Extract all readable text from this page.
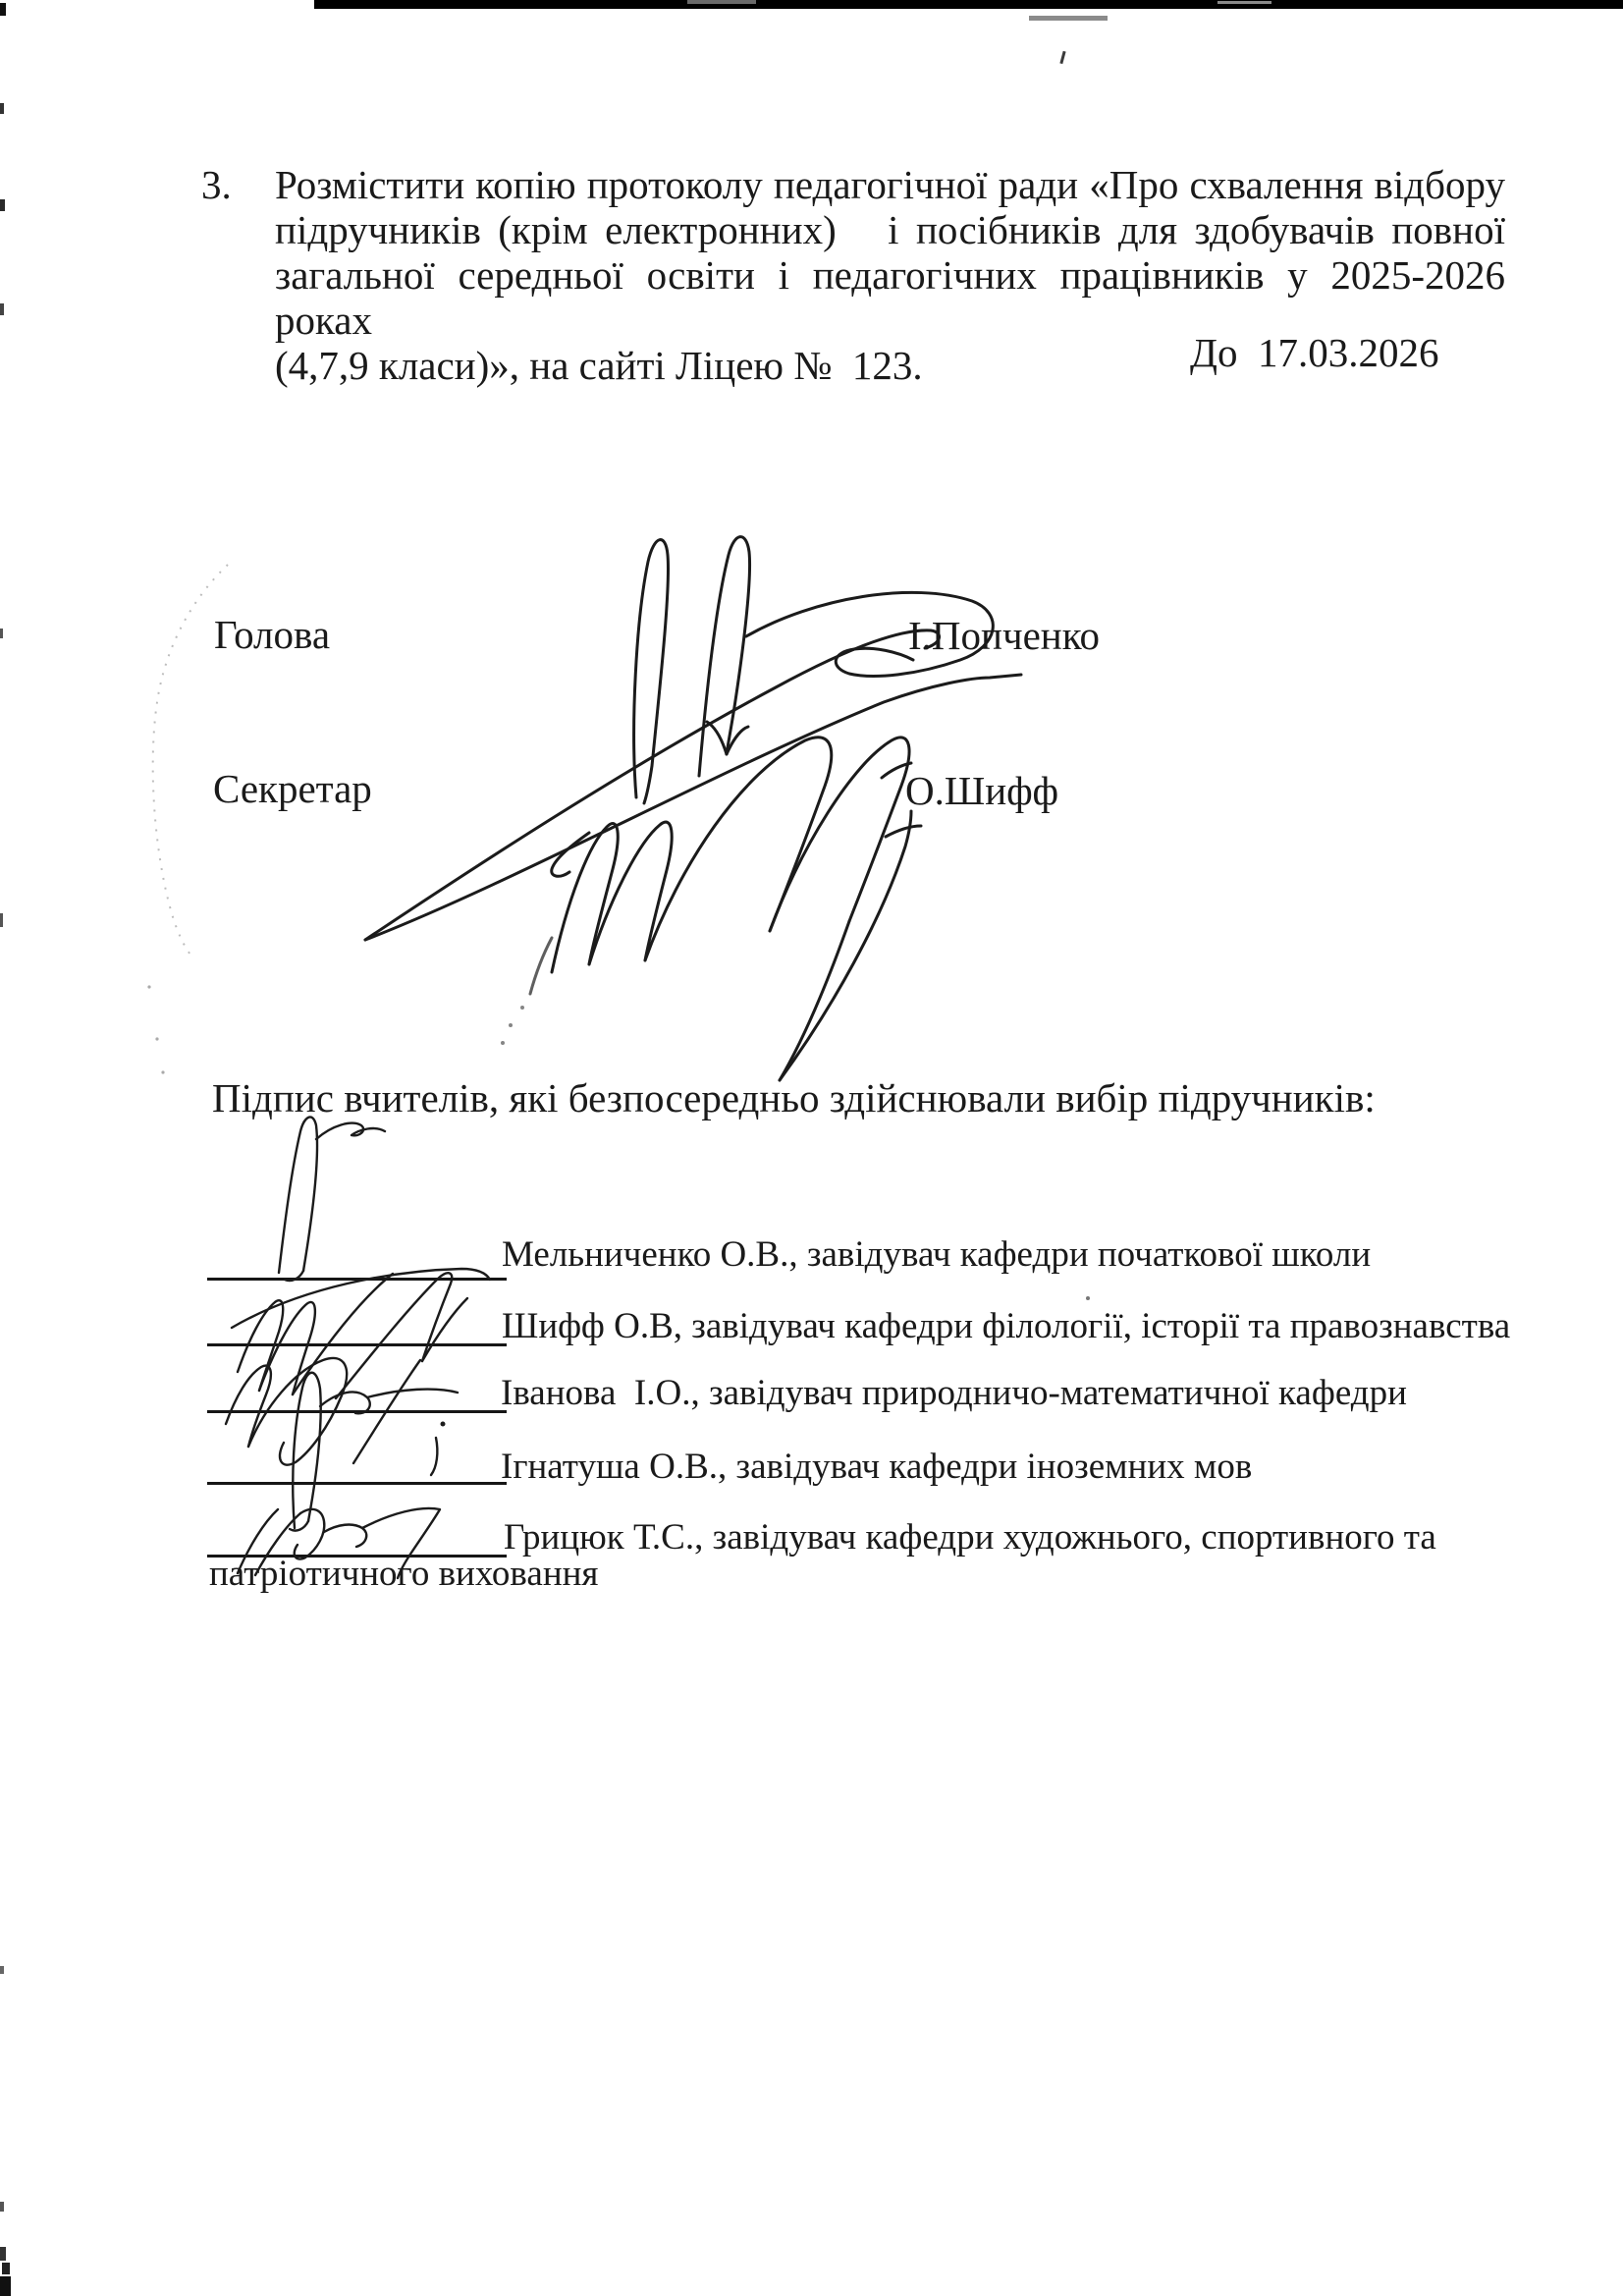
3. Розмістити копію протоколу педагогічної ради «Про схвалення відбору
підручників (крім електронних)   і посібників для здобувачів повної
загальної середньої освіти і педагогічних працівників у 2025-2026 роках
(4,7,9 класи)», на сайті Ліцею №  123.	До  17.03.2026
Голова	І.Попченко
Секретар	О.Шифф
Підпис вчителів, які безпосередньо здійснювали вибір підручників:
Мельниченко О.В., завідувач кафедри початкової школи
Шифф О.В, завідувач кафедри філології, історії та правознавства
Іванова  І.О., завідувач природничо-математичної кафедри
Ігнатуша О.В., завідувач кафедри іноземних мов
Грицюк Т.С., завідувач кафедри художнього, спортивного та
патріотичного виховання
